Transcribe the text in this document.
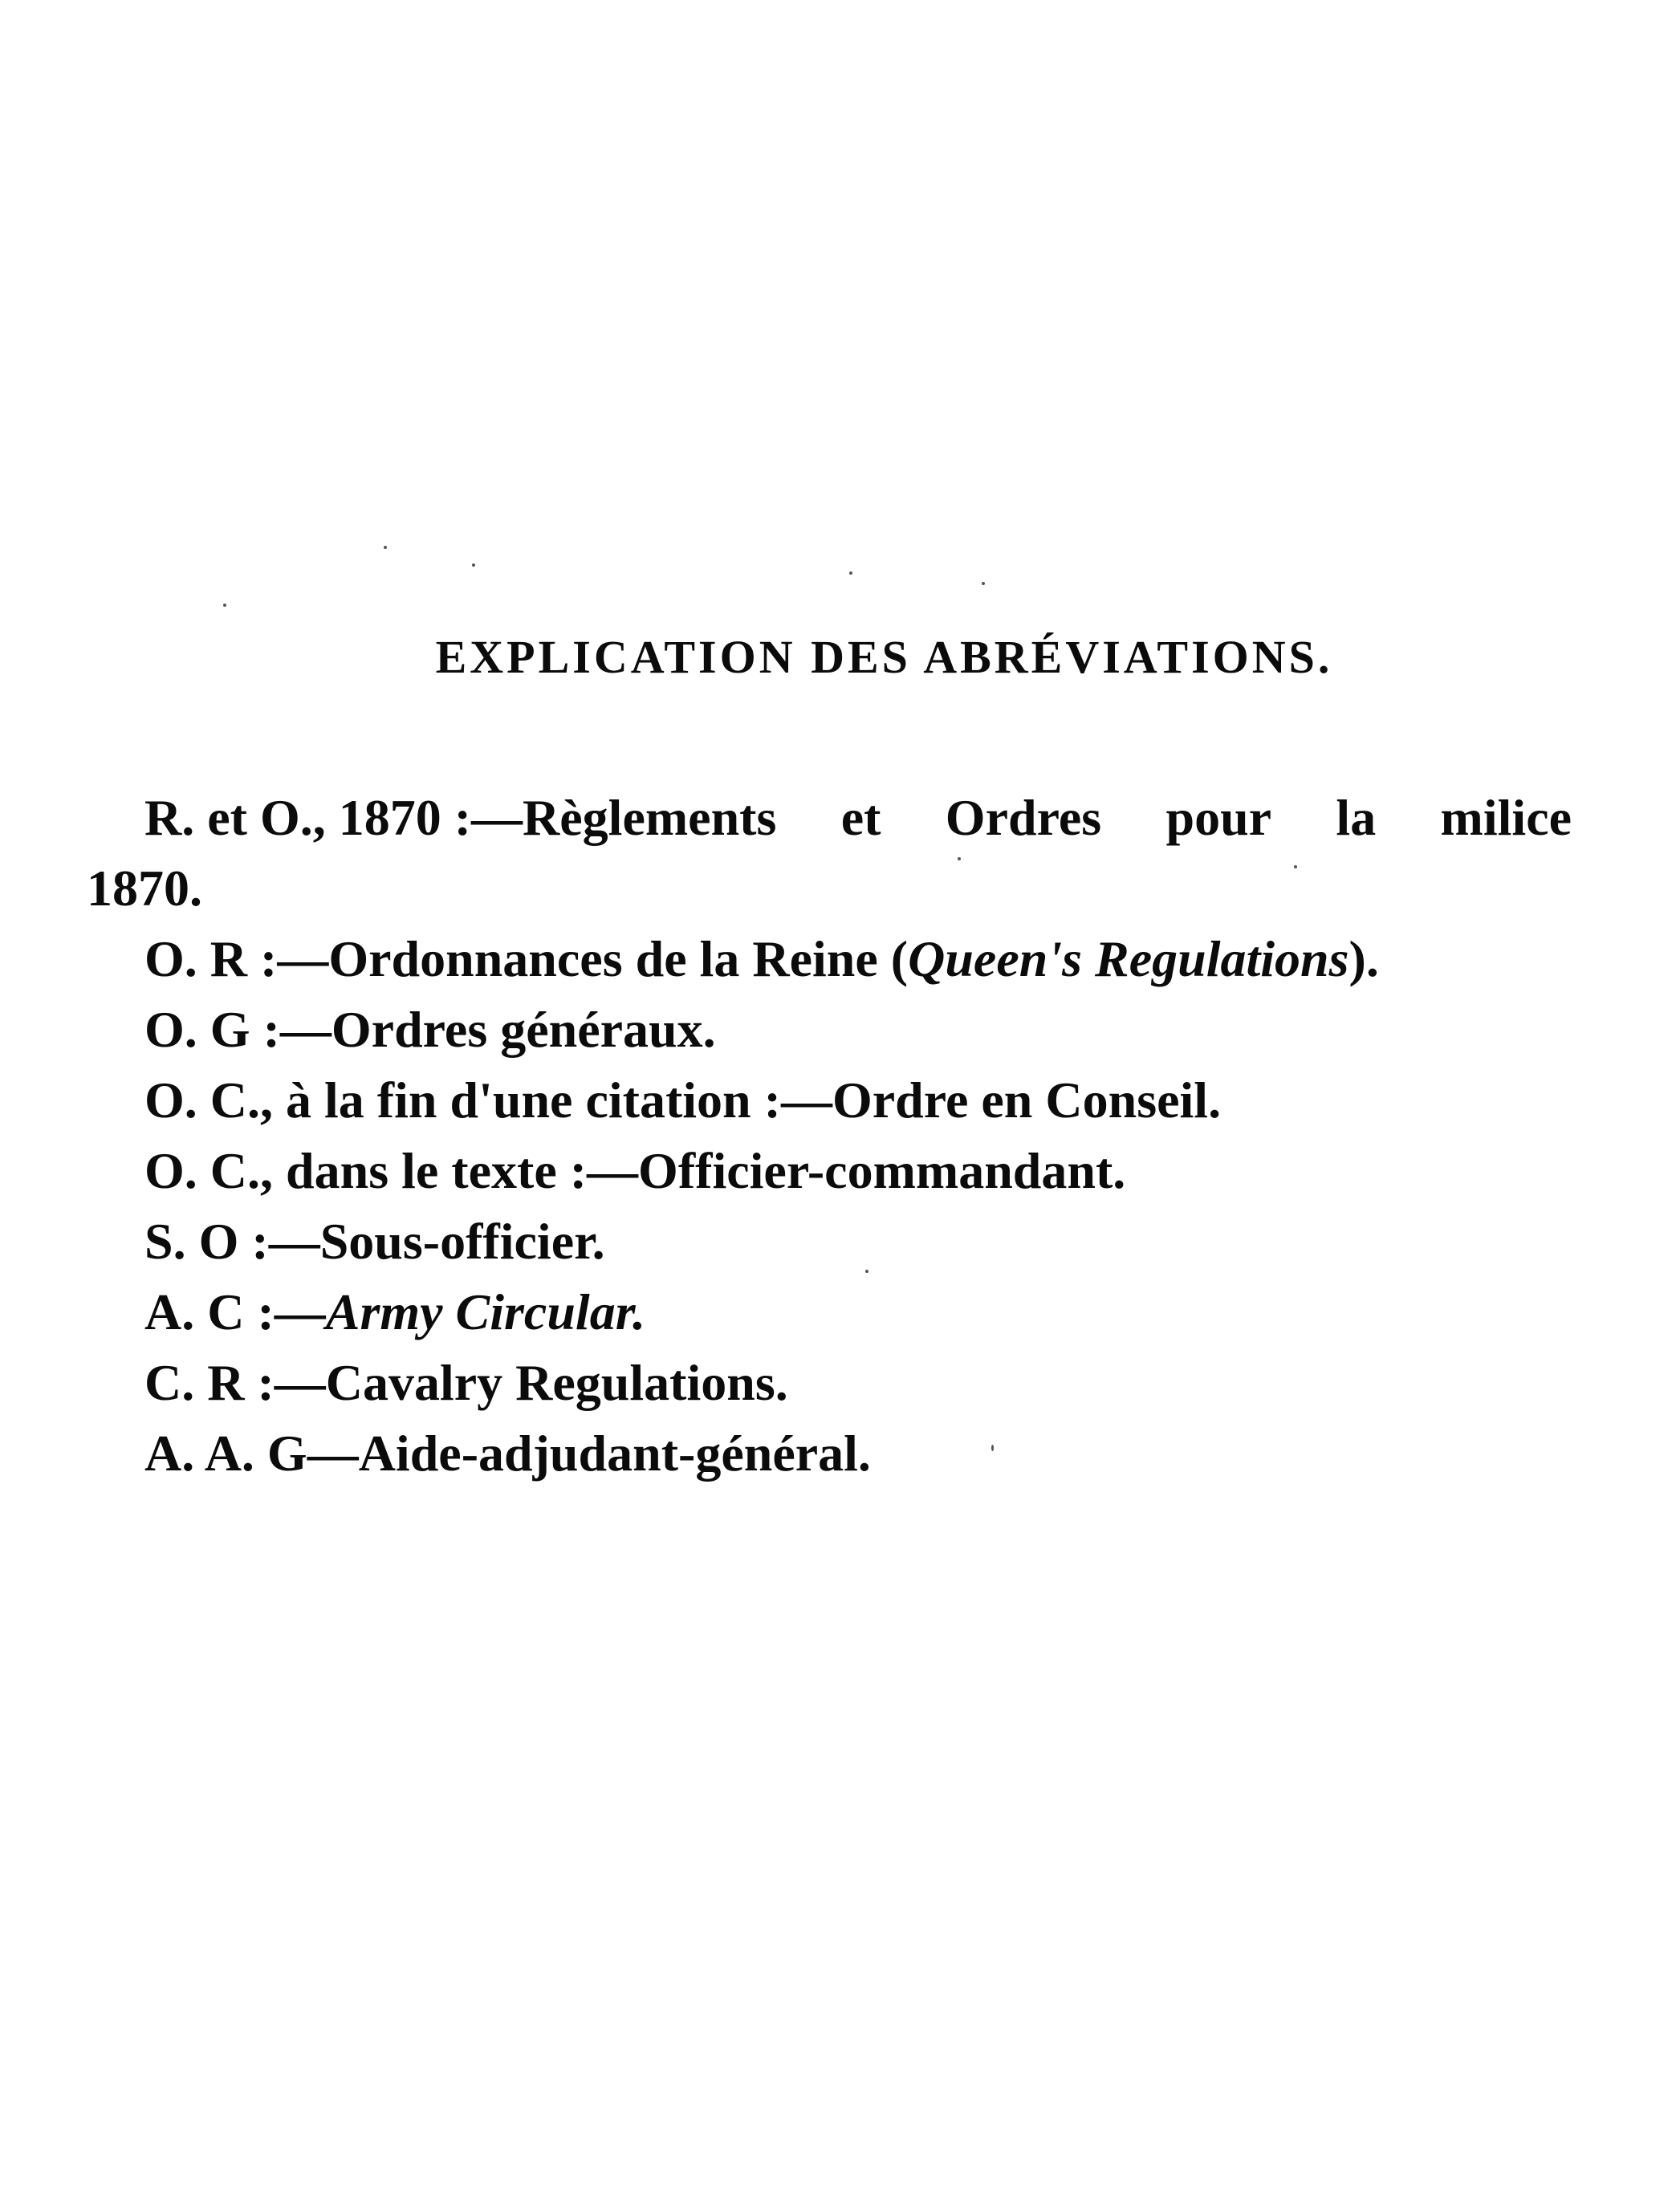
EXPLICATION DES ABRÉVIATIONS.
R. et O., 1870 :—Règlements et Ordres pour la milice
1870.
O. R :—Ordonnances de la Reine (Queen's Regulations).
O. G :—Ordres généraux.
O. C., à la fin d'une citation :—Ordre en Conseil.
O. C., dans le texte :—Officier-commandant.
S. O :—Sous-officier.
A. C :—Army Circular.
C. R :—Cavalry Regulations.
A. A. G—Aide-adjudant-général.
